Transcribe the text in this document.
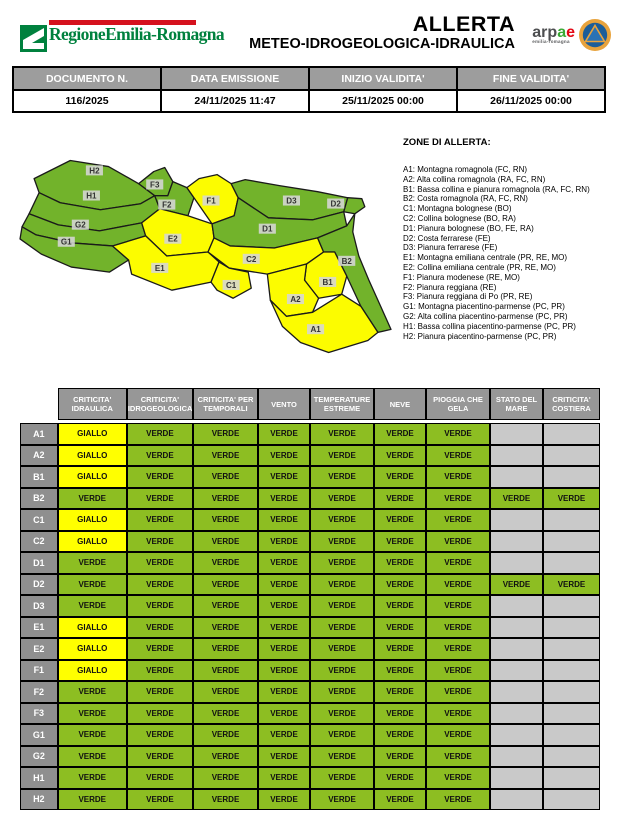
RegioneEmilia-Romagna	ALLERTA
METEO-IDROGEOLOGICA-IDRAULICA
arpae
emilia-romagna
DOCUMENTO N.	DATA EMISSIONE	INIZIO VALIDITA'	FINE VALIDITA'
116/2025	24/11/2025 11:47	25/11/2025 00:00	26/11/2025 00:00
H2
H1
G2
G1
F3
F2	F1
E2
E1
D3	D2
D1
C2
C1
B2
B1
A2
A1
ZONE DI ALLERTA:
A1: Montagna romagnola (FC, RN)
A2: Alta collina romagnola (RA, FC, RN)
B1: Bassa collina e pianura romagnola (RA, FC, RN)
B2: Costa romagnola (RA, FC, RN)
C1: Montagna bolognese (BO)
C2: Collina bolognese (BO, RA)
D1: Pianura bolognese (BO, FE, RA)
D2: Costa ferrarese (FE)
D3: Pianura ferrarese (FE)
E1: Montagna emiliana centrale (PR, RE, MO)
E2: Collina emiliana centrale (PR, RE, MO)
F1: Pianura modenese (RE, MO)
F2: Pianura reggiana (RE)
F3: Pianura reggiana di Po (PR, RE)
G1: Montagna piacentino-parmense (PC, PR)
G2: Alta collina piacentino-parmense (PC, PR)
H1: Bassa collina piacentino-parmense (PC, PR)
H2: Pianura piacentino-parmense (PC, PR)
	CRITICITA' IDRAULICA	CRITICITA' IDROGEOLOGICA	CRITICITA' PER TEMPORALI	VENTO	TEMPERATURE ESTREME	NEVE	PIOGGIA CHE GELA	STATO DEL MARE	CRITICITA' COSTIERA

A1	GIALLO	VERDE	VERDE	VERDE	VERDE	VERDE	VERDE		
A2	GIALLO	VERDE	VERDE	VERDE	VERDE	VERDE	VERDE		
B1	GIALLO	VERDE	VERDE	VERDE	VERDE	VERDE	VERDE		
B2	VERDE	VERDE	VERDE	VERDE	VERDE	VERDE	VERDE	VERDE	VERDE
C1	GIALLO	VERDE	VERDE	VERDE	VERDE	VERDE	VERDE		
C2	GIALLO	VERDE	VERDE	VERDE	VERDE	VERDE	VERDE		
D1	VERDE	VERDE	VERDE	VERDE	VERDE	VERDE	VERDE		
D2	VERDE	VERDE	VERDE	VERDE	VERDE	VERDE	VERDE	VERDE	VERDE
D3	VERDE	VERDE	VERDE	VERDE	VERDE	VERDE	VERDE		
E1	GIALLO	VERDE	VERDE	VERDE	VERDE	VERDE	VERDE		
E2	GIALLO	VERDE	VERDE	VERDE	VERDE	VERDE	VERDE		
F1	GIALLO	VERDE	VERDE	VERDE	VERDE	VERDE	VERDE		
F2	VERDE	VERDE	VERDE	VERDE	VERDE	VERDE	VERDE		
F3	VERDE	VERDE	VERDE	VERDE	VERDE	VERDE	VERDE		
G1	VERDE	VERDE	VERDE	VERDE	VERDE	VERDE	VERDE		
G2	VERDE	VERDE	VERDE	VERDE	VERDE	VERDE	VERDE		
H1	VERDE	VERDE	VERDE	VERDE	VERDE	VERDE	VERDE		
H2	VERDE	VERDE	VERDE	VERDE	VERDE	VERDE	VERDE		
